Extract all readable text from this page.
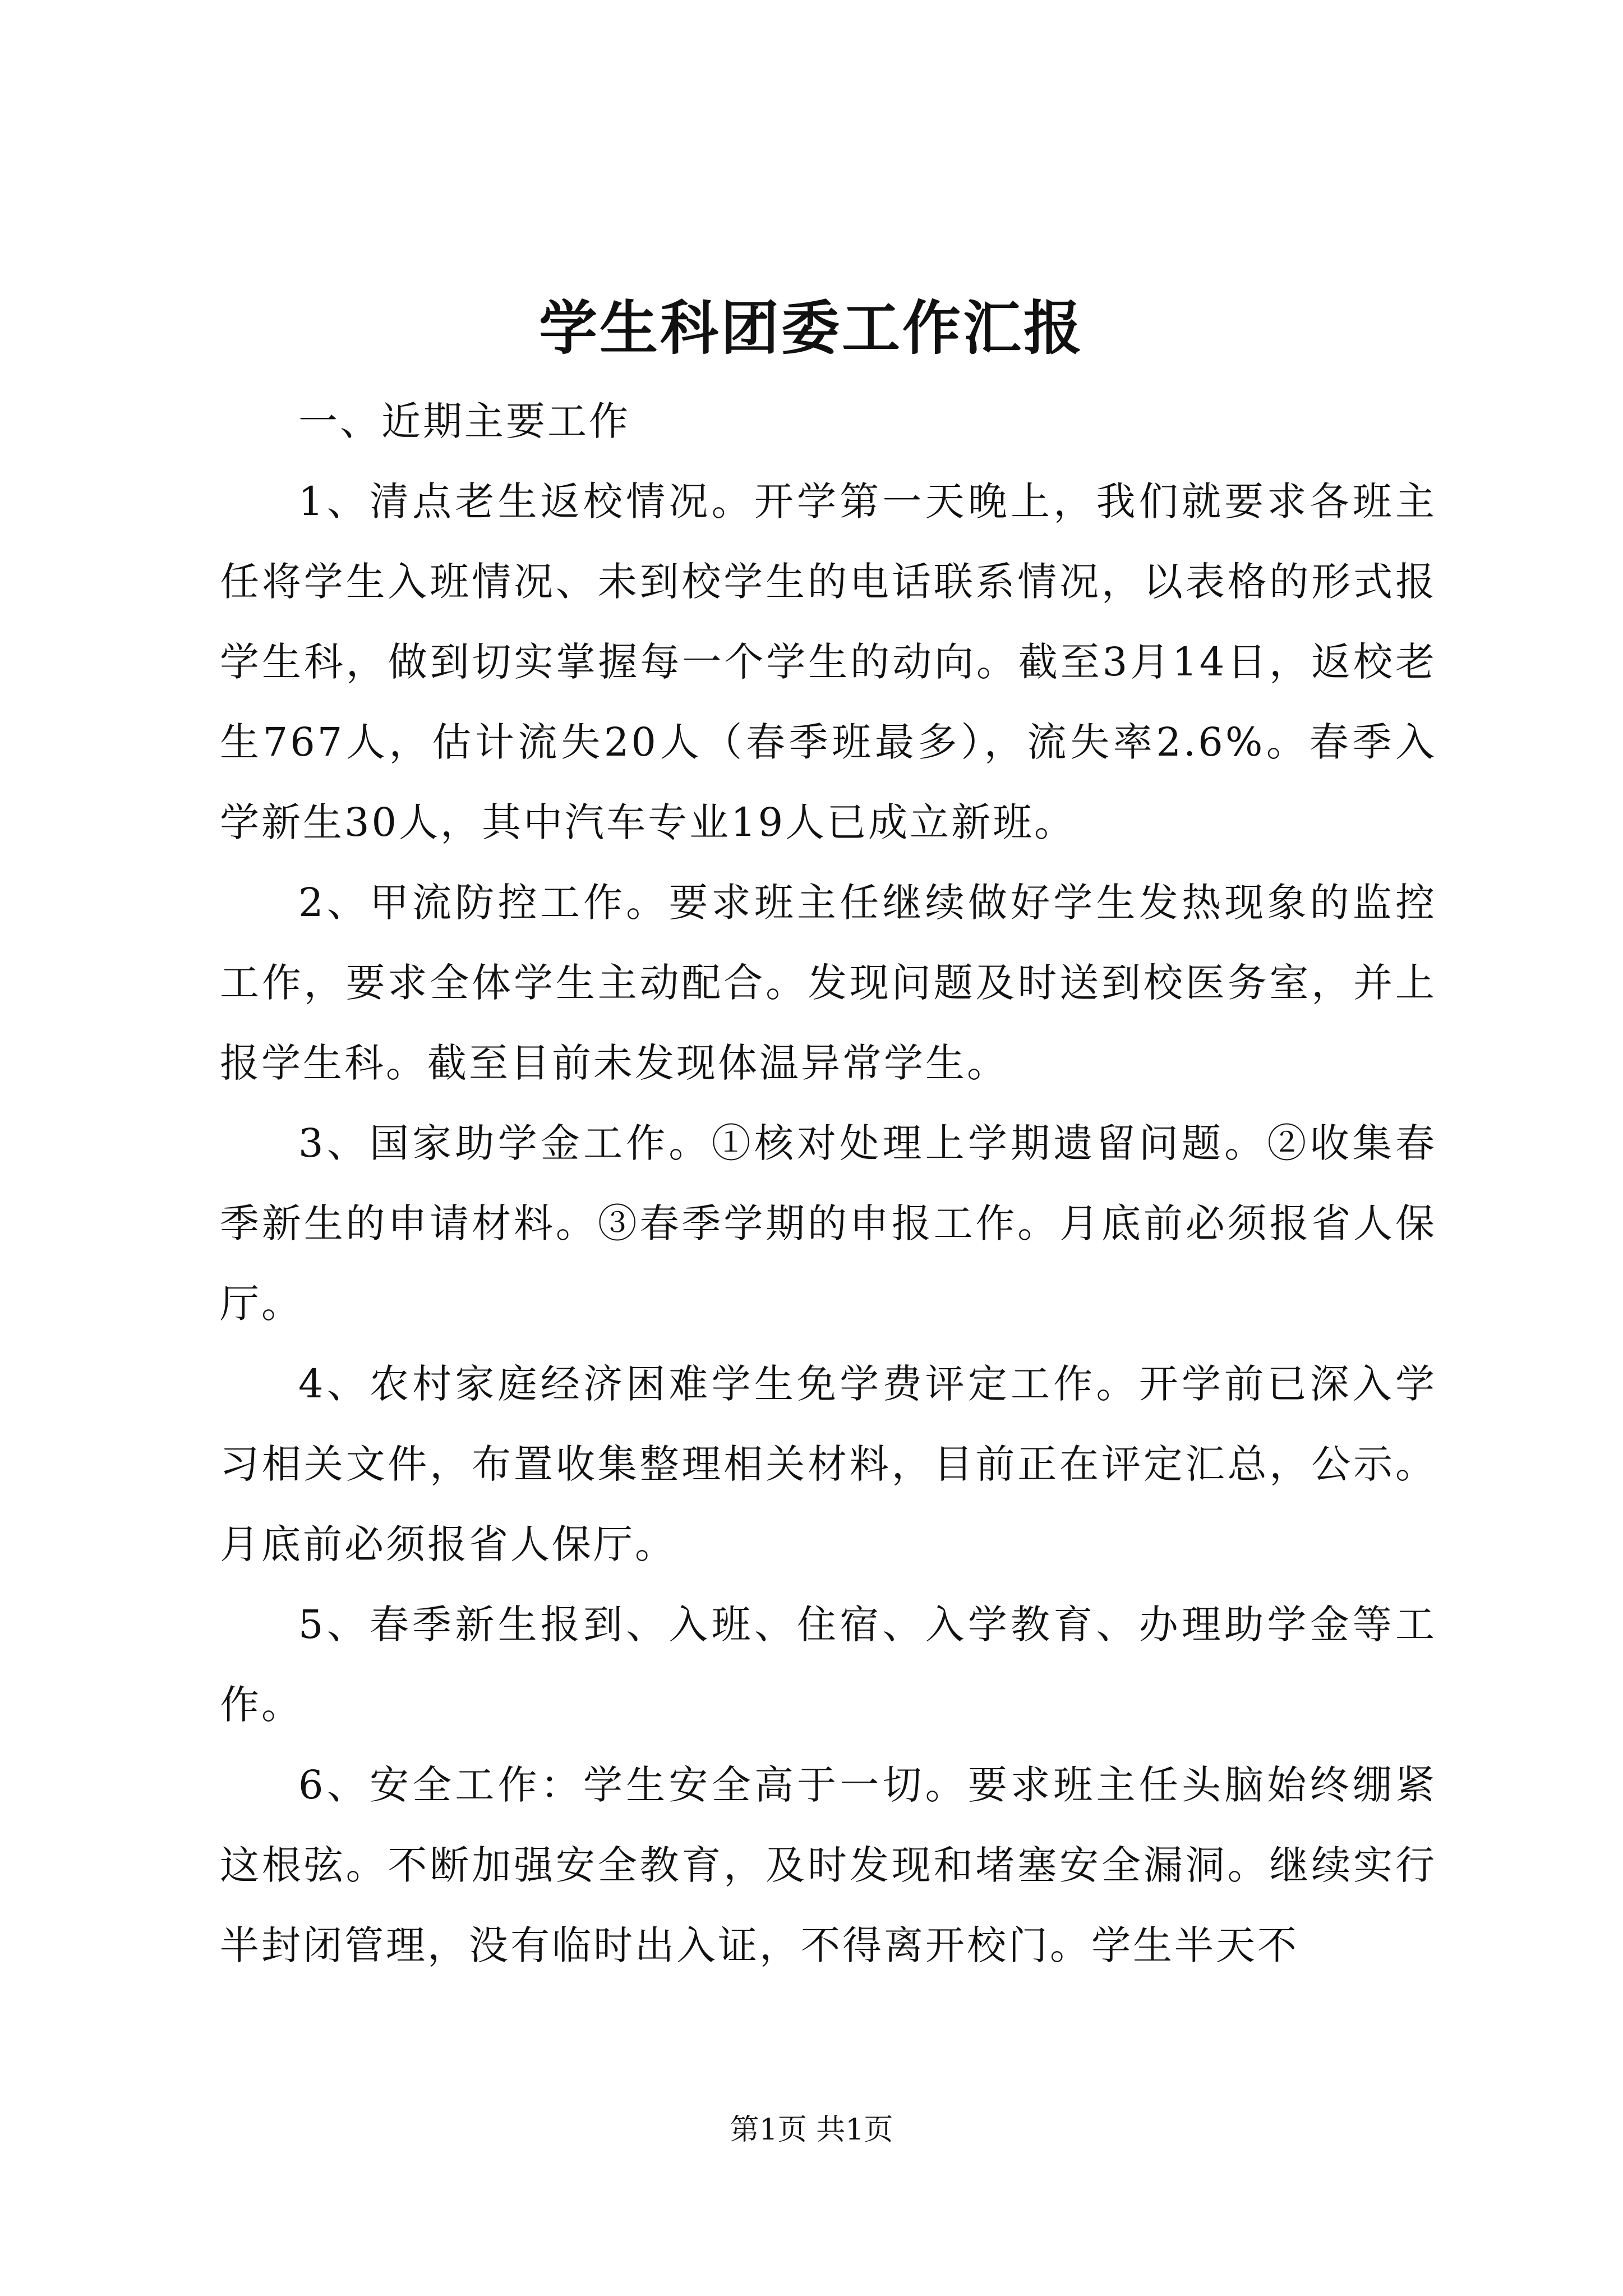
学生科团委工作汇报

一、近期主要工作

1、清点老生返校情况。开学第一天晚上，我们就要求各班主任将学生入班情况、未到校学生的电话联系情况，以表格的形式报学生科，做到切实掌握每一个学生的动向。截至3月14日，返校老生767人，估计流失20人（春季班最多），流失率2.6%。春季入学新生30人，其中汽车专业19人已成立新班。

2、甲流防控工作。要求班主任继续做好学生发热现象的监控工作，要求全体学生主动配合。发现问题及时送到校医务室，并上报学生科。截至目前未发现体温异常学生。

3、国家助学金工作。①核对处理上学期遗留问题。②收集春季新生的申请材料。③春季学期的申报工作。月底前必须报省人保厅。

4、农村家庭经济困难学生免学费评定工作。开学前已深入学习相关文件，布置收集整理相关材料，目前正在评定汇总，公示。月底前必须报省人保厅。

5、春季新生报到、入班、住宿、入学教育、办理助学金等工作。

6、安全工作：学生安全高于一切。要求班主任头脑始终绷紧这根弦。不断加强安全教育，及时发现和堵塞安全漏洞。继续实行半封闭管理，没有临时出入证，不得离开校门。学生半天不

第1页 共1页
